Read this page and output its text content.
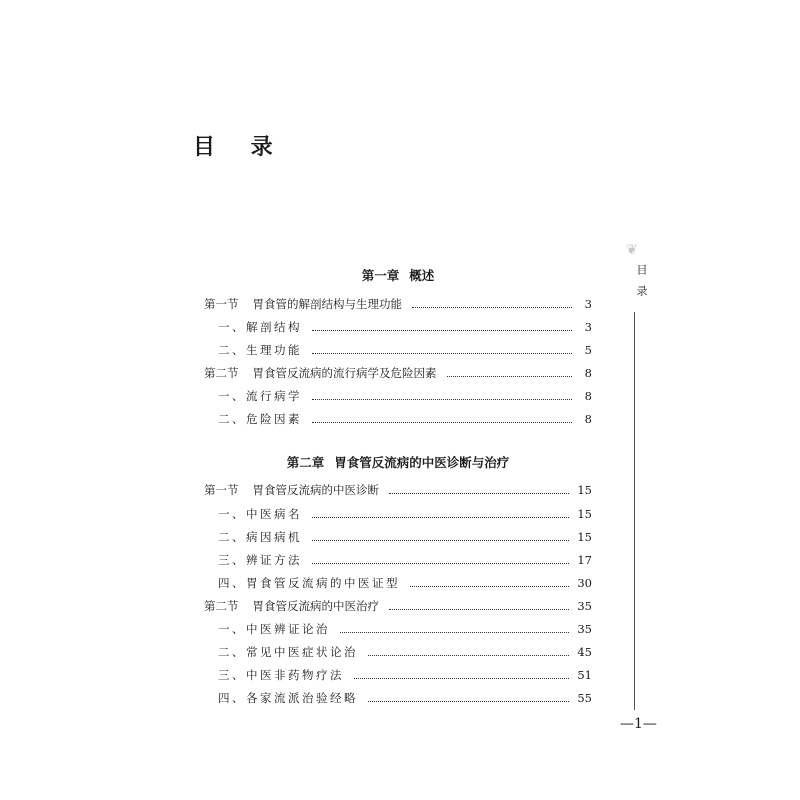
目 录
第一章 概述
第一节 胃食管的解剖结构与生理功能	3
一、解剖结构	3
二、生理功能	5
第二节 胃食管反流病的流行病学及危险因素	8
一、流行病学	8
二、危险因素	8
第二章 胃食管反流病的中医诊断与治疗
第一节 胃食管反流病的中医诊断	15
一、中医病名	15
二、病因病机	15
三、辨证方法	17
四、胃食管反流病的中医证型	30
第二节 胃食管反流病的中医治疗	35
一、中医辨证论治	35
二、常见中医症状论治	45
三、中医非药物疗法	51
四、各家流派治验经略	55
❦
目录
—1—
